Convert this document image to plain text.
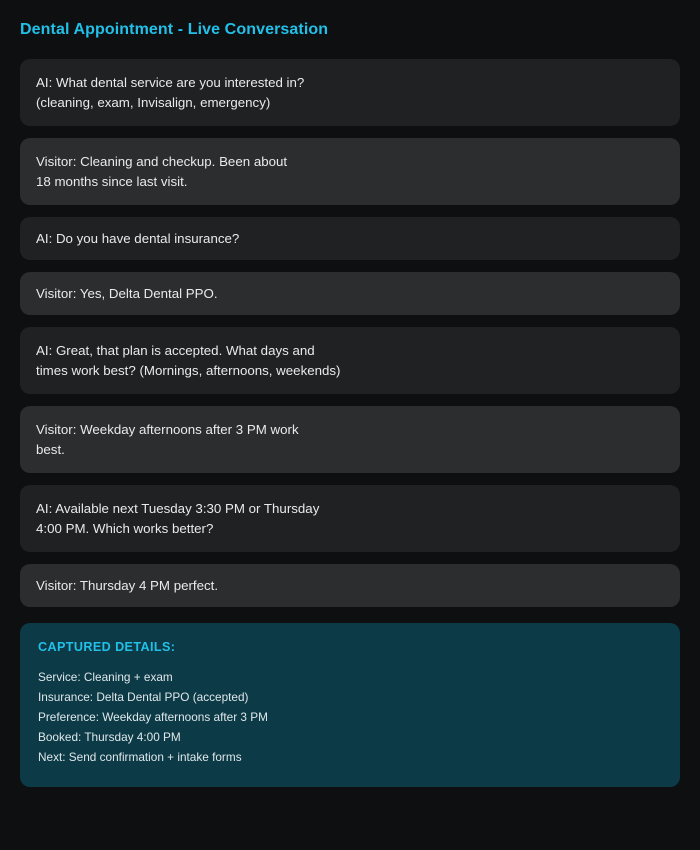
Dental Appointment - Live Conversation
AI: What dental service are you interested in?
(cleaning, exam, Invisalign, emergency)
Visitor: Cleaning and checkup. Been about
18 months since last visit.
AI: Do you have dental insurance?
Visitor: Yes, Delta Dental PPO.
AI: Great, that plan is accepted. What days and
times work best? (Mornings, afternoons, weekends)
Visitor: Weekday afternoons after 3 PM work
best.
AI: Available next Tuesday 3:30 PM or Thursday
4:00 PM. Which works better?
Visitor: Thursday 4 PM perfect.
CAPTURED DETAILS:
Service: Cleaning + exam
Insurance: Delta Dental PPO (accepted)
Preference: Weekday afternoons after 3 PM
Booked: Thursday 4:00 PM
Next: Send confirmation + intake forms
